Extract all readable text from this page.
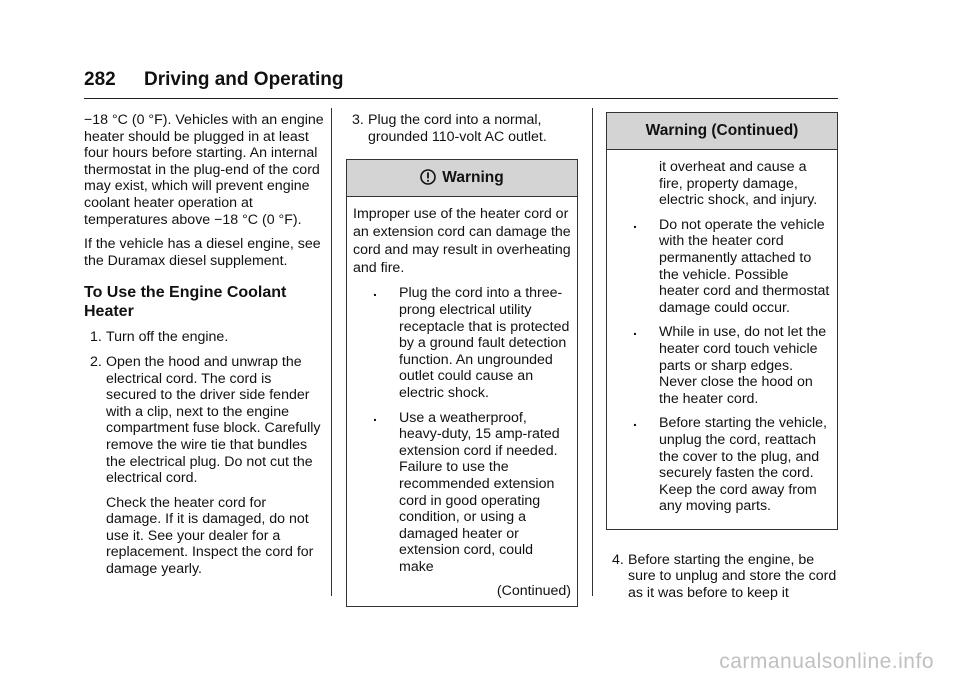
282 Driving and Operating

−18 °C (0 °F). Vehicles with an engine heater should be plugged in at least four hours before starting. An internal thermostat in the plug-end of the cord may exist, which will prevent engine coolant heater operation at temperatures above −18 °C (0 °F).

If the vehicle has a diesel engine, see the Duramax diesel supplement.

To Use the Engine Coolant Heater
1. Turn off the engine.
2. Open the hood and unwrap the electrical cord. The cord is secured to the driver side fender with a clip, next to the engine compartment fuse block. Carefully remove the wire tie that bundles the electrical plug. Do not cut the electrical cord.
Check the heater cord for damage. If it is damaged, do not use it. See your dealer for a replacement. Inspect the cord for damage yearly.
3. Plug the cord into a normal, grounded 110-volt AC outlet.
Warning
Improper use of the heater cord or an extension cord can damage the cord and may result in overheating and fire.
. Plug the cord into a three-prong electrical utility receptacle that is protected by a ground fault detection function. An ungrounded outlet could cause an electric shock.
. Use a weatherproof, heavy-duty, 15 amp-rated extension cord if needed. Failure to use the recommended extension cord in good operating condition, or using a damaged heater or extension cord, could make
(Continued)
Warning (Continued)
it overheat and cause a fire, property damage, electric shock, and injury.
. Do not operate the vehicle with the heater cord permanently attached to the vehicle. Possible heater cord and thermostat damage could occur.
. While in use, do not let the heater cord touch vehicle parts or sharp edges. Never close the hood on the heater cord.
. Before starting the vehicle, unplug the cord, reattach the cover to the plug, and securely fasten the cord. Keep the cord away from any moving parts.
4. Before starting the engine, be sure to unplug and store the cord as it was before to keep it
carmanualsonline.info
